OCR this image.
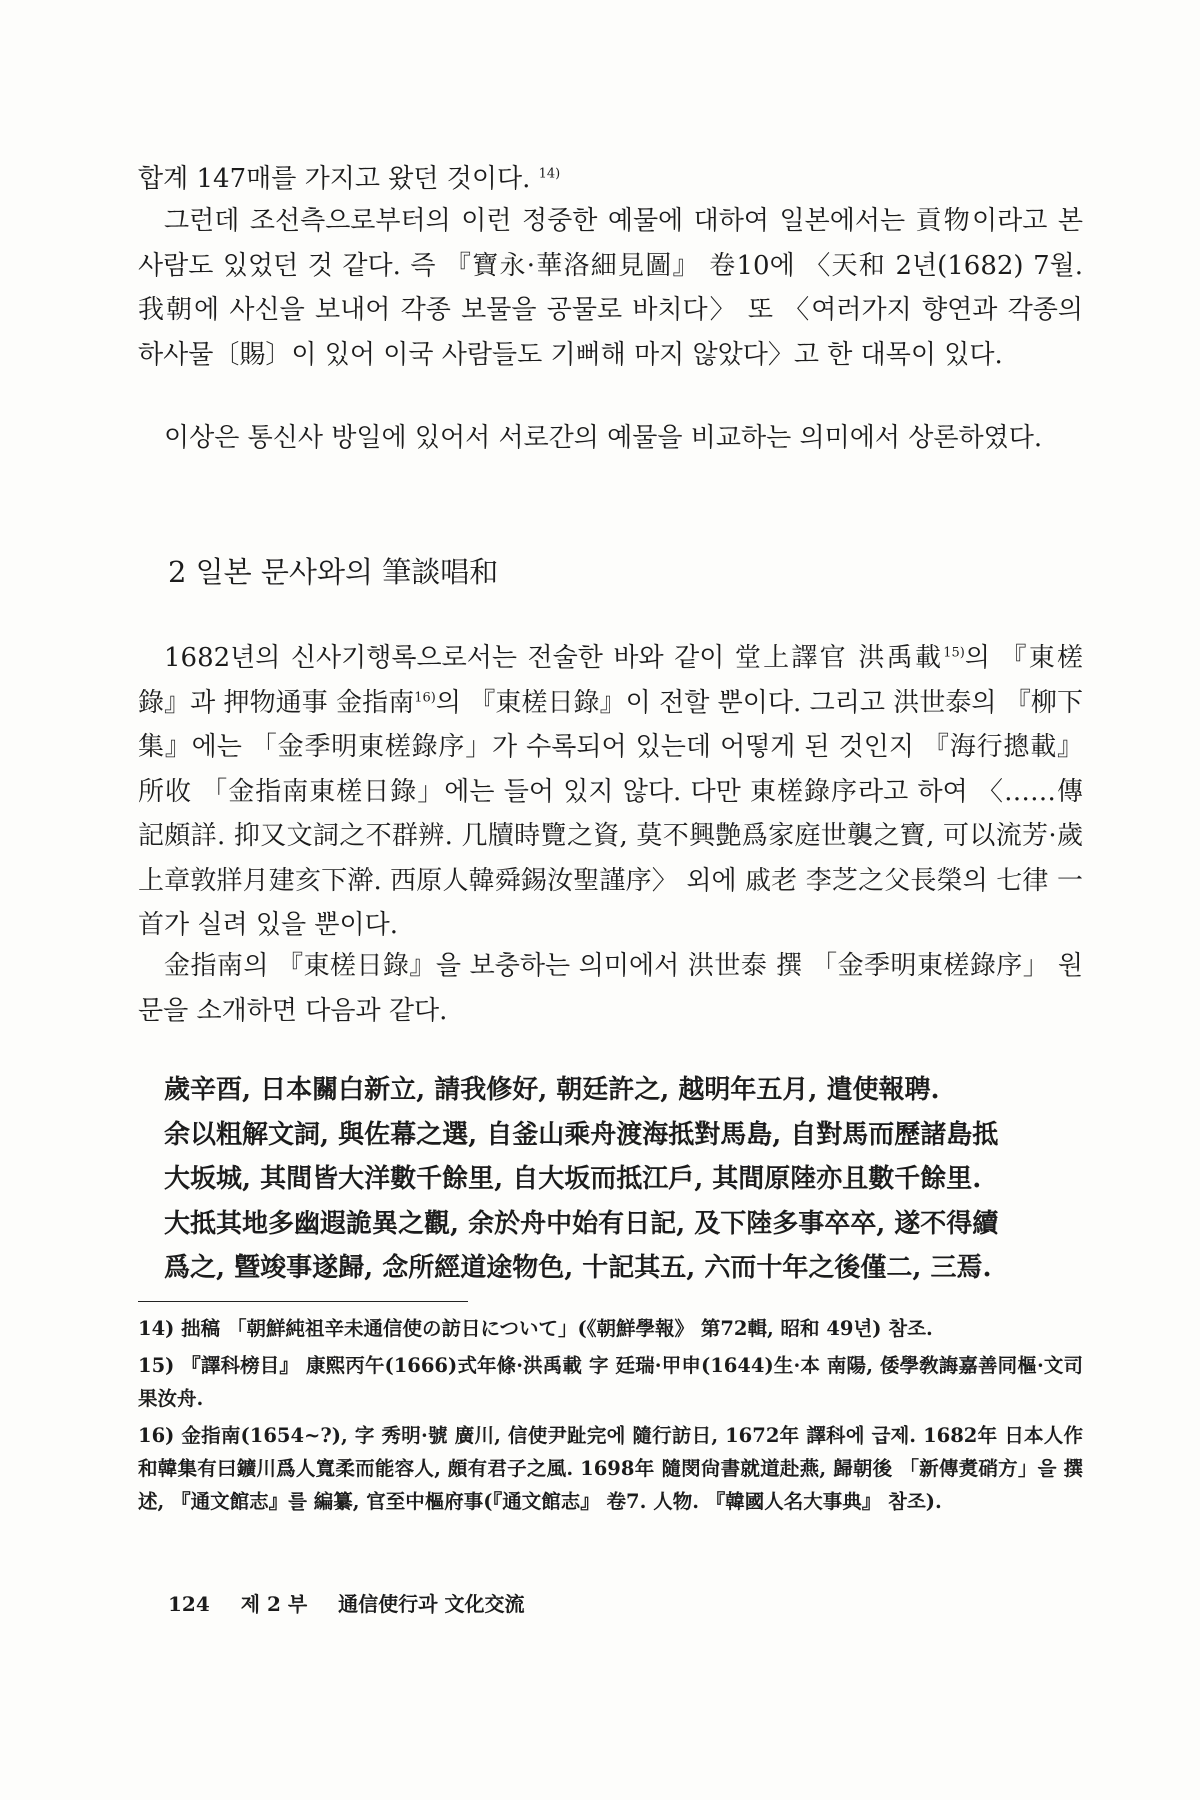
합계 147매를 가지고 왔던 것이다. $^{14)}$

그런데 조선측으로부터의 이런 정중한 예물에 대하여 일본에서는 貢物이라고 본 사람도 있었던 것 같다. 즉 『寶永·華洛細見圖』 卷10에 〈天和 2년(1682) 7월. 我朝에 사신을 보내어 각종 보물을 공물로 바치다〉 또 〈여러가지 향연과 각종의 하사물〔賜〕이 있어 이국 사람들도 기뻐해 마지 않았다〉고 한 대목이 있다.

이상은 통신사 방일에 있어서 서로간의 예물을 비교하는 의미에서 상론하였다.

2 일본 문사와의 筆談唱和

1682년의 신사기행록으로서는 전술한 바와 같이 堂上譯官 洪禹載$^{15)}$의 『東槎錄』과 押物通事 金指南$^{16)}$의 『東槎日錄』이 전할 뿐이다. 그리고 洪世泰의 『柳下集』에는 「金季明東槎錄序」가 수록되어 있는데 어떻게 된 것인지 『海行摠載』 所收 「金指南東槎日錄」에는 들어 있지 않다. 다만 東槎錄序라고 하여 〈……傳記頗詳. 抑又文詞之不群辨. 几牘時覽之資, 莫不興艶爲家庭世襲之寶, 可以流芳·歲上章敦牂月建亥下澣. 西原人韓舜錫汝聖謹序〉 외에 戚老 李芝之父長榮의 七律 一首가 실려 있을 뿐이다.

金指南의 『東槎日錄』을 보충하는 의미에서 洪世泰 撰 「金季明東槎錄序」 원문을 소개하면 다음과 같다.

歲辛酉, 日本關白新立, 請我修好, 朝廷許之, 越明年五月, 遣使報聘.
余以粗解文詞, 與佐幕之選, 自釜山乘舟渡海抵對馬島, 自對馬而歷諸島抵
大坂城, 其間皆大洋數千餘里, 自大坂而抵江戶, 其間原陸亦且數千餘里.
大抵其地多幽遐詭異之觀, 余於舟中始有日記, 及下陸多事卒卒, 遂不得續
爲之, 曁竣事遂歸, 念所經道途物色, 十記其五, 六而十年之後僅二, 三焉.

14) 拙稿 「朝鮮純祖辛未通信使の訪日について」(《朝鮮學報》 第72輯, 昭和 49년) 참조.

15) 『譯科榜目』 康熙丙午(1666)式年條·洪禹載 字 廷瑞·甲申(1644)生·本 南陽, 倭學敎誨嘉善同樞·文司果汝舟.

16) 金指南(1654~?), 字 秀明·號 廣川, 信使尹趾完에 隨行訪日, 1672年 譯科에 급제. 1682年 日本人作和韓集有曰鑛川爲人寬柔而能容人, 頗有君子之風. 1698年 隨閔尙書就道赴燕, 歸朝後 「新傳煑硝方」을 撰述, 『通文館志』를 編纂, 官至中樞府事(『通文館志』 卷7. 人物. 『韓國人名大事典』 참조).

124 제 2 부 通信使行과 文化交流
